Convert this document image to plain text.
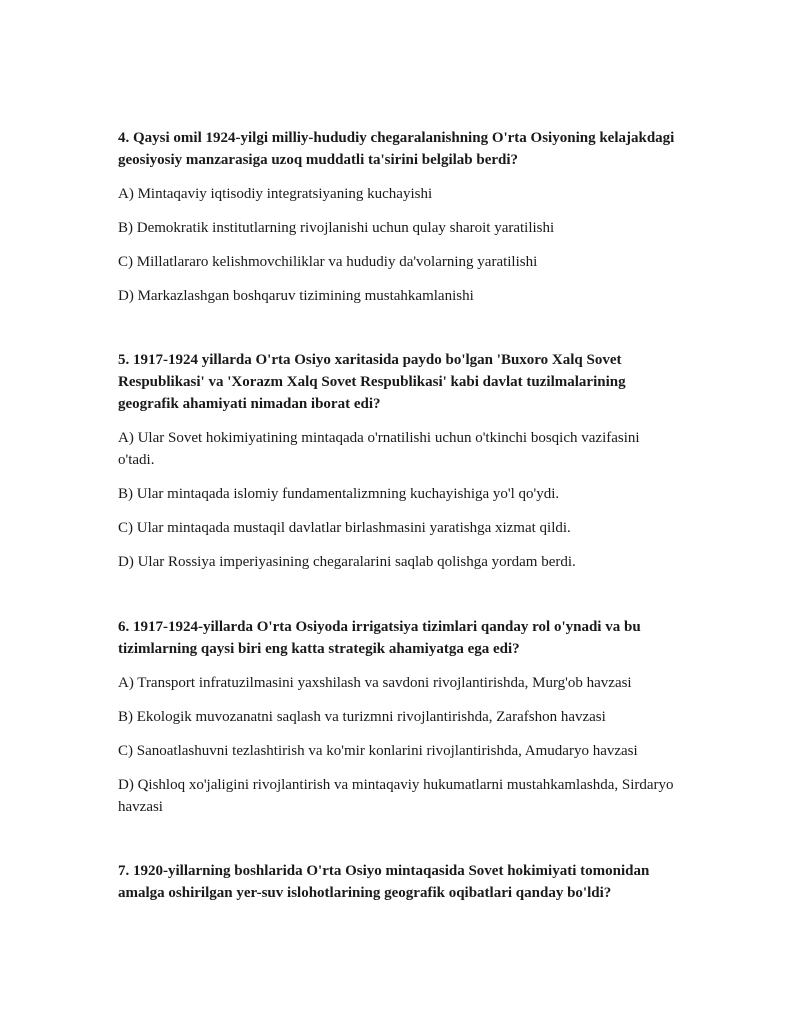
4. Qaysi omil 1924-yilgi milliy-hududiy chegaralanishning O'rta Osiyoning kelajakdagi geosiyosiy manzarasiga uzoq muddatli ta'sirini belgilab berdi?

A) Mintaqaviy iqtisodiy integratsiyaning kuchayishi

B) Demokratik institutlarning rivojlanishi uchun qulay sharoit yaratilishi

C) Millatlararo kelishmovchiliklar va hududiy da'volarning yaratilishi

D) Markazlashgan boshqaruv tizimining mustahkamlanishi

5. 1917-1924 yillarda O'rta Osiyo xaritasida paydo bo'lgan 'Buxoro Xalq Sovet Respublikasi' va 'Xorazm Xalq Sovet Respublikasi' kabi davlat tuzilmalarining geografik ahamiyati nimadan iborat edi?

A) Ular Sovet hokimiyatining mintaqada o'rnatilishi uchun o'tkinchi bosqich vazifasini o'tadi.

B) Ular mintaqada islomiy fundamentalizmning kuchayishiga yo'l qo'ydi.

C) Ular mintaqada mustaqil davlatlar birlashmasini yaratishga xizmat qildi.

D) Ular Rossiya imperiyasining chegaralarini saqlab qolishga yordam berdi.

6. 1917-1924-yillarda O'rta Osiyoda irrigatsiya tizimlari qanday rol o'ynadi va bu tizimlarning qaysi biri eng katta strategik ahamiyatga ega edi?

A) Transport infratuzilmasini yaxshilash va savdoni rivojlantirishda, Murg'ob havzasi

B) Ekologik muvozanatni saqlash va turizmni rivojlantirishda, Zarafshon havzasi

C) Sanoatlashuvni tezlashtirish va ko'mir konlarini rivojlantirishda, Amudaryo havzasi

D) Qishloq xo'jaligini rivojlantirish va mintaqaviy hukumatlarni mustahkamlashda, Sirdaryo havzasi

7. 1920-yillarning boshlarida O'rta Osiyo mintaqasida Sovet hokimiyati tomonidan amalga oshirilgan yer-suv islohotlarining geografik oqibatlari qanday bo'ldi?
